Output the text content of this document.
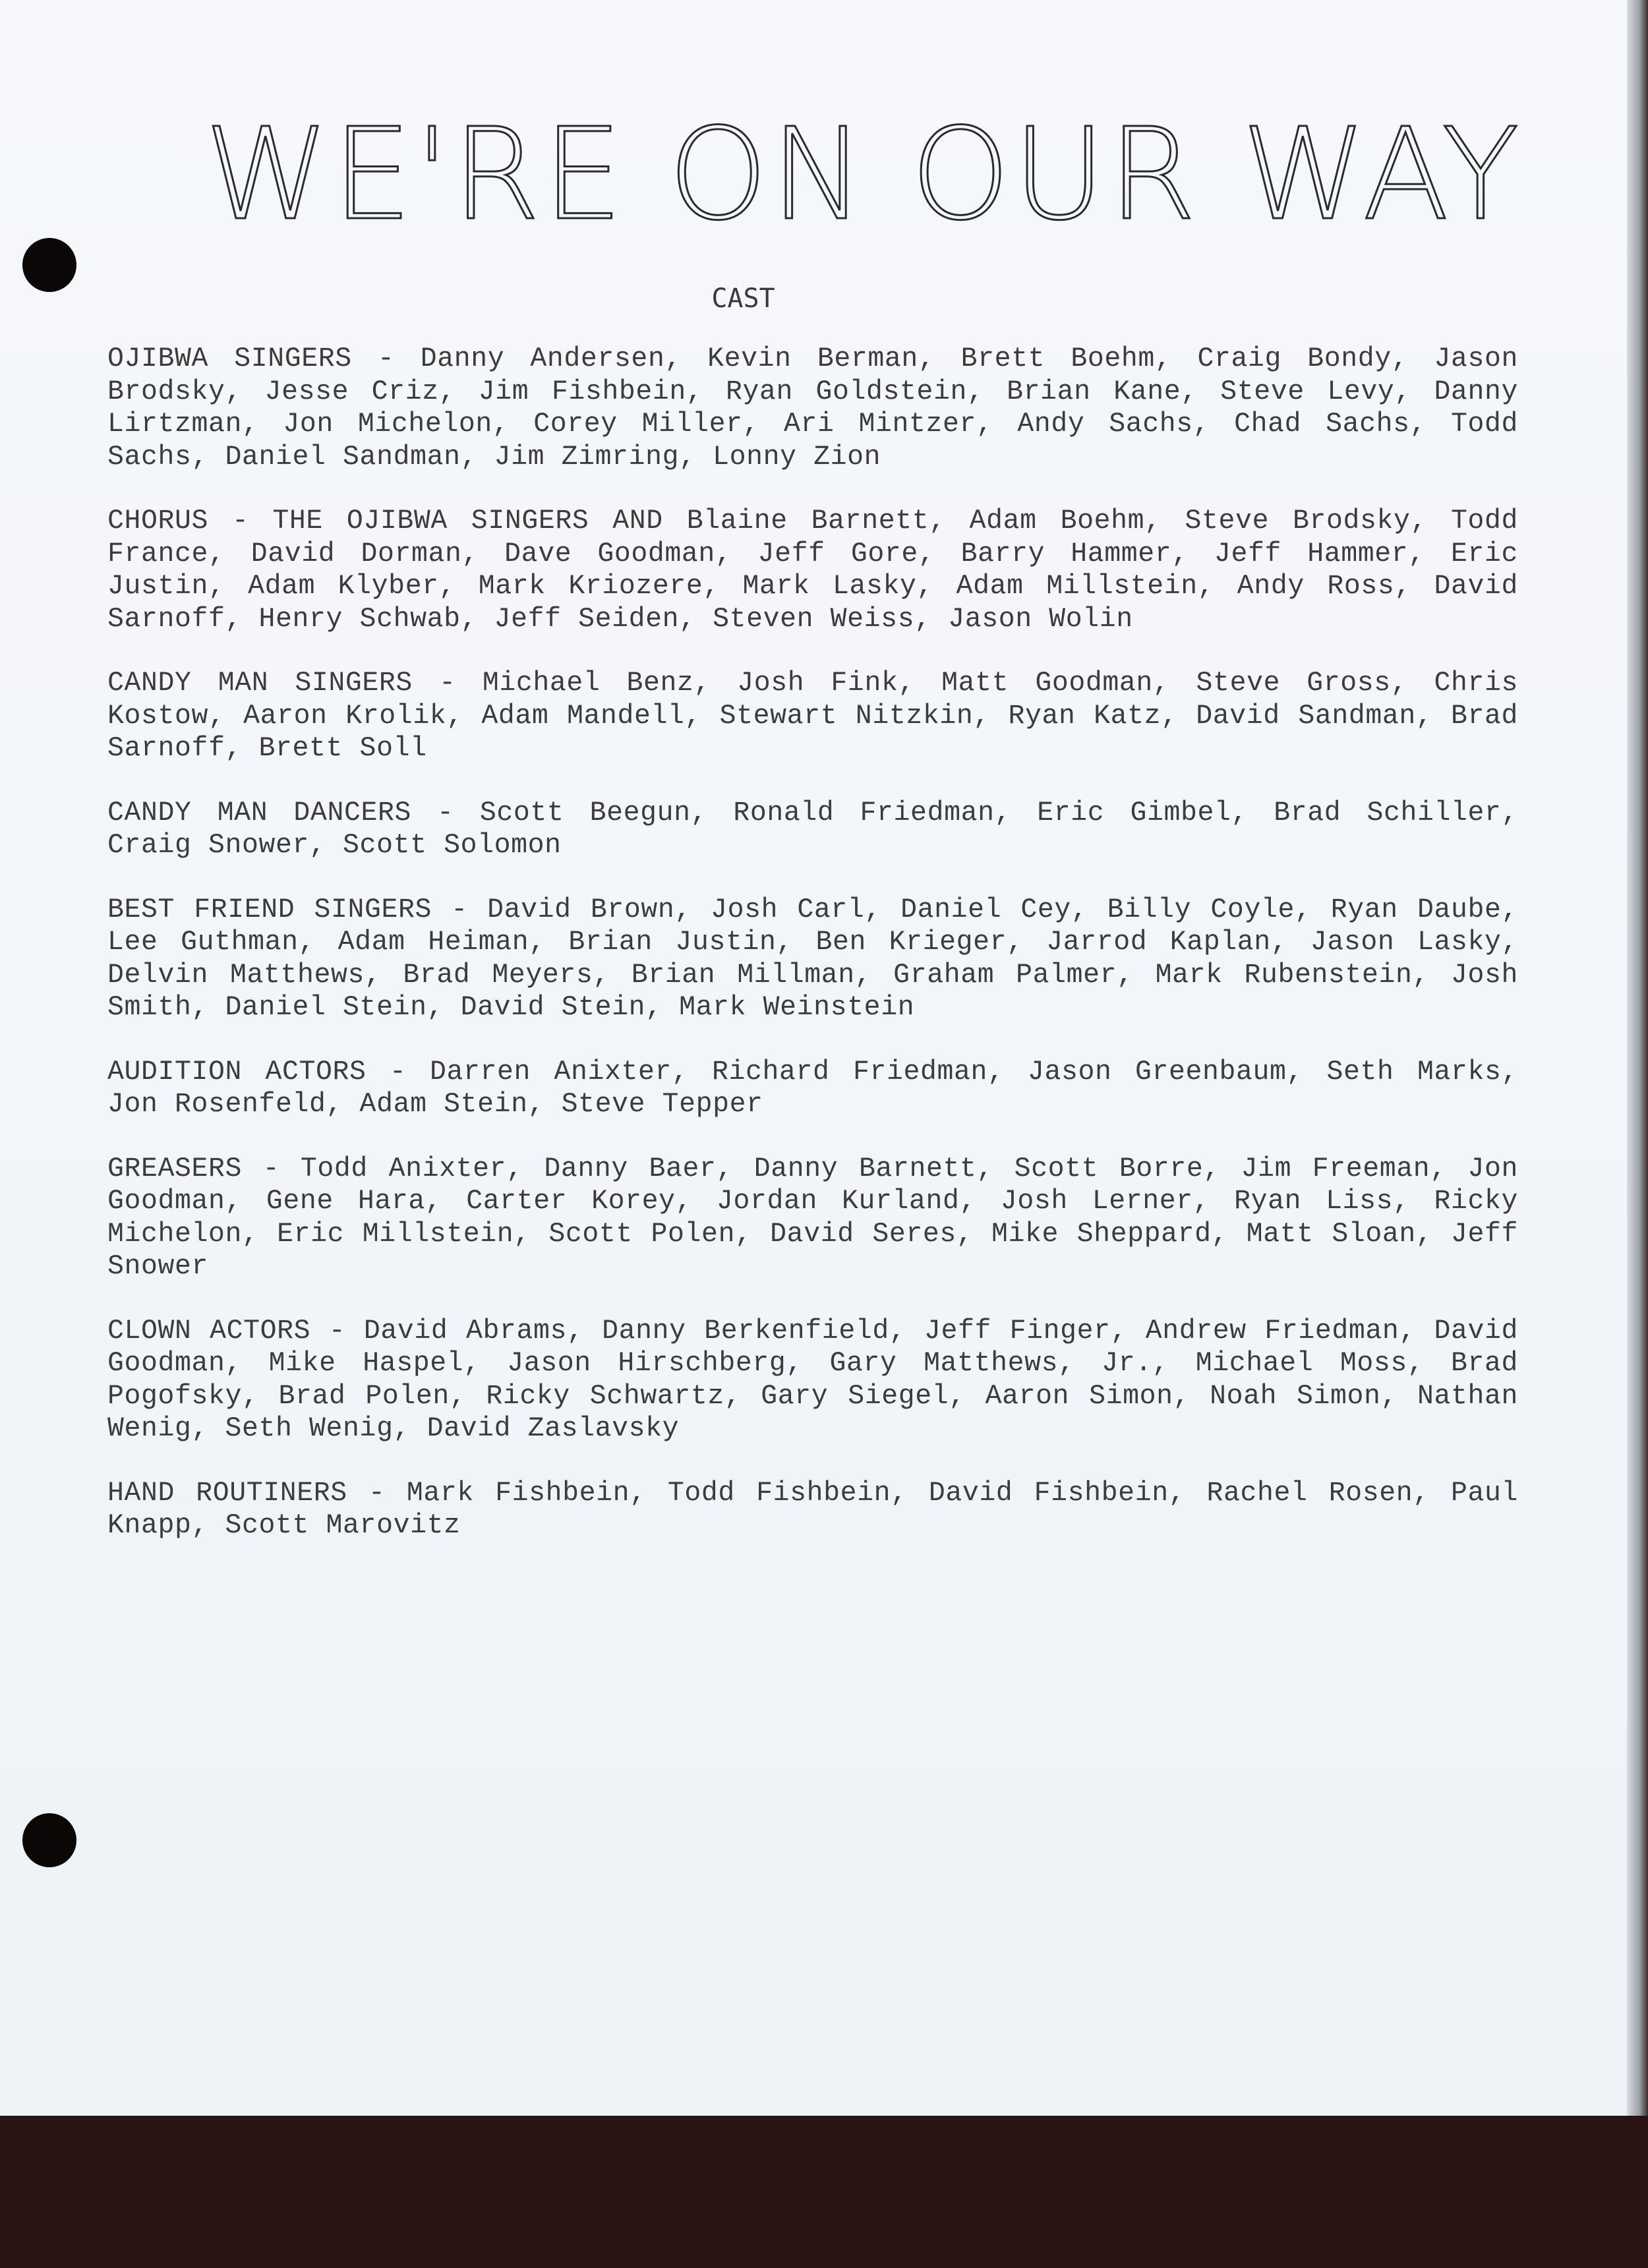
WE'RE ON OUR WAY
CAST

OJIBWA SINGERS - Danny Andersen, Kevin Berman, Brett Boehm, Craig Bondy, Jason Brodsky, Jesse Criz, Jim Fishbein, Ryan Goldstein, Brian Kane, Steve Levy, Danny Lirtzman, Jon Michelon, Corey Miller, Ari Mintzer, Andy Sachs, Chad Sachs, Todd Sachs, Daniel Sandman, Jim Zimring, Lonny Zion

CHORUS - THE OJIBWA SINGERS AND Blaine Barnett, Adam Boehm, Steve Brodsky, Todd France, David Dorman, Dave Goodman, Jeff Gore, Barry Hammer, Jeff Hammer, Eric Justin, Adam Klyber, Mark Kriozere, Mark Lasky, Adam Millstein, Andy Ross, David Sarnoff, Henry Schwab, Jeff Seiden, Steven Weiss, Jason Wolin

CANDY MAN SINGERS - Michael Benz, Josh Fink, Matt Goodman, Steve Gross, Chris Kostow, Aaron Krolik, Adam Mandell, Stewart Nitzkin, Ryan Katz, David Sandman, Brad Sarnoff, Brett Soll

CANDY MAN DANCERS - Scott Beegun, Ronald Friedman, Eric Gimbel, Brad Schiller, Craig Snower, Scott Solomon

BEST FRIEND SINGERS - David Brown, Josh Carl, Daniel Cey, Billy Coyle, Ryan Daube, Lee Guthman, Adam Heiman, Brian Justin, Ben Krieger, Jarrod Kaplan, Jason Lasky, Delvin Matthews, Brad Meyers, Brian Millman, Graham Palmer, Mark Rubenstein, Josh Smith, Daniel Stein, David Stein, Mark Weinstein

AUDITION ACTORS - Darren Anixter, Richard Friedman, Jason Greenbaum, Seth Marks, Jon Rosenfeld, Adam Stein, Steve Tepper

GREASERS - Todd Anixter, Danny Baer, Danny Barnett, Scott Borre, Jim Freeman, Jon Goodman, Gene Hara, Carter Korey, Jordan Kurland, Josh Lerner, Ryan Liss, Ricky Michelon, Eric Millstein, Scott Polen, David Seres, Mike Sheppard, Matt Sloan, Jeff Snower

CLOWN ACTORS - David Abrams, Danny Berkenfield, Jeff Finger, Andrew Friedman, David Goodman, Mike Haspel, Jason Hirschberg, Gary Matthews, Jr., Michael Moss, Brad Pogofsky, Brad Polen, Ricky Schwartz, Gary Siegel, Aaron Simon, Noah Simon, Nathan Wenig, Seth Wenig, David Zaslavsky

HAND ROUTINERS - Mark Fishbein, Todd Fishbein, David Fishbein, Rachel Rosen, Paul Knapp, Scott Marovitz
